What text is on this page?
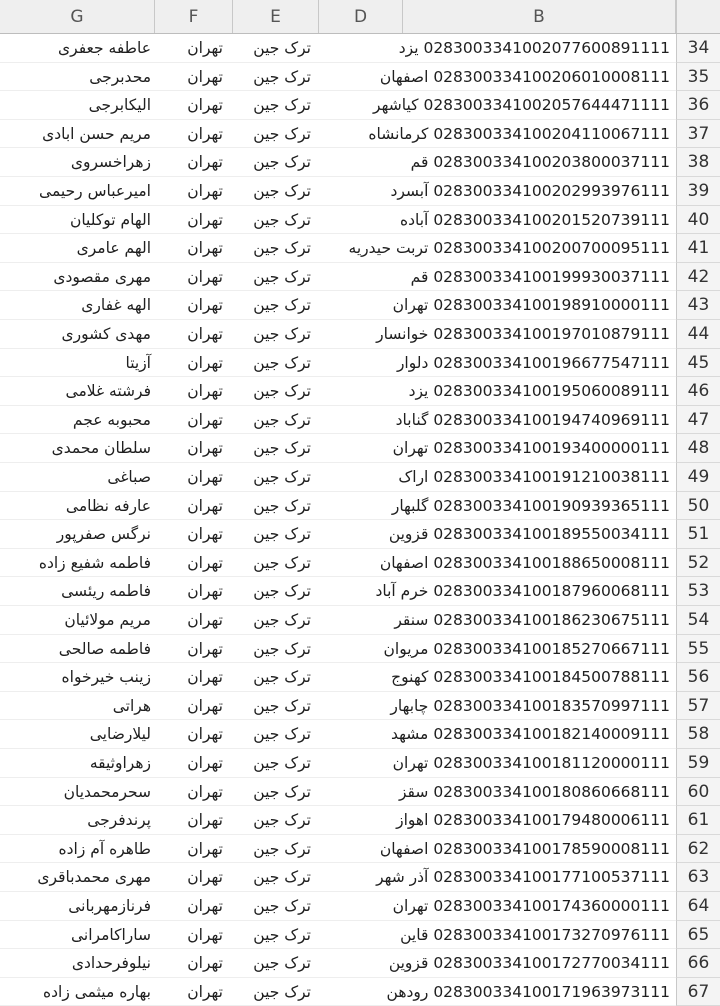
G	F	E	D	B
عاطفه جعفری	تهران	ترک جین	0283003341002077600891111 یزد	34
محدبرجی	تهران	ترک جین	028300334100206010008111 اصفهان	35
الیکابرجی	تهران	ترک جین	0283003341002057644471111 کیاشهر	36
مریم حسن ابادی	تهران	ترک جین	028300334100204110067111 کرمانشاه	37
زهراخسروی	تهران	ترک جین	028300334100203800037111 قم	38
امیرعباس رحیمی	تهران	ترک جین	028300334100202993976111 آبسرد	39
الهام توکلیان	تهران	ترک جین	028300334100201520739111 آباده	40
الهم عامری	تهران	ترک جین	028300334100200700095111 تربت حیدریه	41
مهری مقصودی	تهران	ترک جین	028300334100199930037111 قم	42
الهه غفاری	تهران	ترک جین	028300334100198910000111 تهران	43
مهدی کشوری	تهران	ترک جین	028300334100197010879111 خوانسار	44
آزیتا	تهران	ترک جین	028300334100196677547111 دلوار	45
فرشته غلامی	تهران	ترک جین	028300334100195060089111 یزد	46
محبوبه عجم	تهران	ترک جین	028300334100194740969111 گناباد	47
سلطان محمدی	تهران	ترک جین	028300334100193400000111 تهران	48
صباغی	تهران	ترک جین	028300334100191210038111 اراک	49
عارفه نظامی	تهران	ترک جین	028300334100190939365111 گلبهار	50
نرگس صفرپور	تهران	ترک جین	028300334100189550034111 قزوین	51
فاطمه شفیع زاده	تهران	ترک جین	028300334100188650008111 اصفهان	52
فاطمه ریئسی	تهران	ترک جین	028300334100187960068111 خرم آباد	53
مریم مولائیان	تهران	ترک جین	028300334100186230675111 سنقر	54
فاطمه صالحی	تهران	ترک جین	028300334100185270667111 مریوان	55
زینب خیرخواه	تهران	ترک جین	028300334100184500788111 کهنوج	56
هراتی	تهران	ترک جین	028300334100183570997111 چابهار	57
لیلارضایی	تهران	ترک جین	028300334100182140009111 مشهد	58
زهراوثیقه	تهران	ترک جین	028300334100181120000111 تهران	59
سحرمحمدیان	تهران	ترک جین	028300334100180860668111 سقز	60
پرندفرجی	تهران	ترک جین	028300334100179480006111 اهواز	61
طاهره آم زاده	تهران	ترک جین	028300334100178590008111 اصفهان	62
مهری محمدباقری	تهران	ترک جین	028300334100177100537111 آذر شهر	63
فرنازمهربانی	تهران	ترک جین	028300334100174360000111 تهران	64
ساراکامرانی	تهران	ترک جین	028300334100173270976111 قاین	65
نیلوفرحدادی	تهران	ترک جین	028300334100172770034111 قزوین	66
بهاره میثمی زاده	تهران	ترک جین	028300334100171963973111 رودهن	67
